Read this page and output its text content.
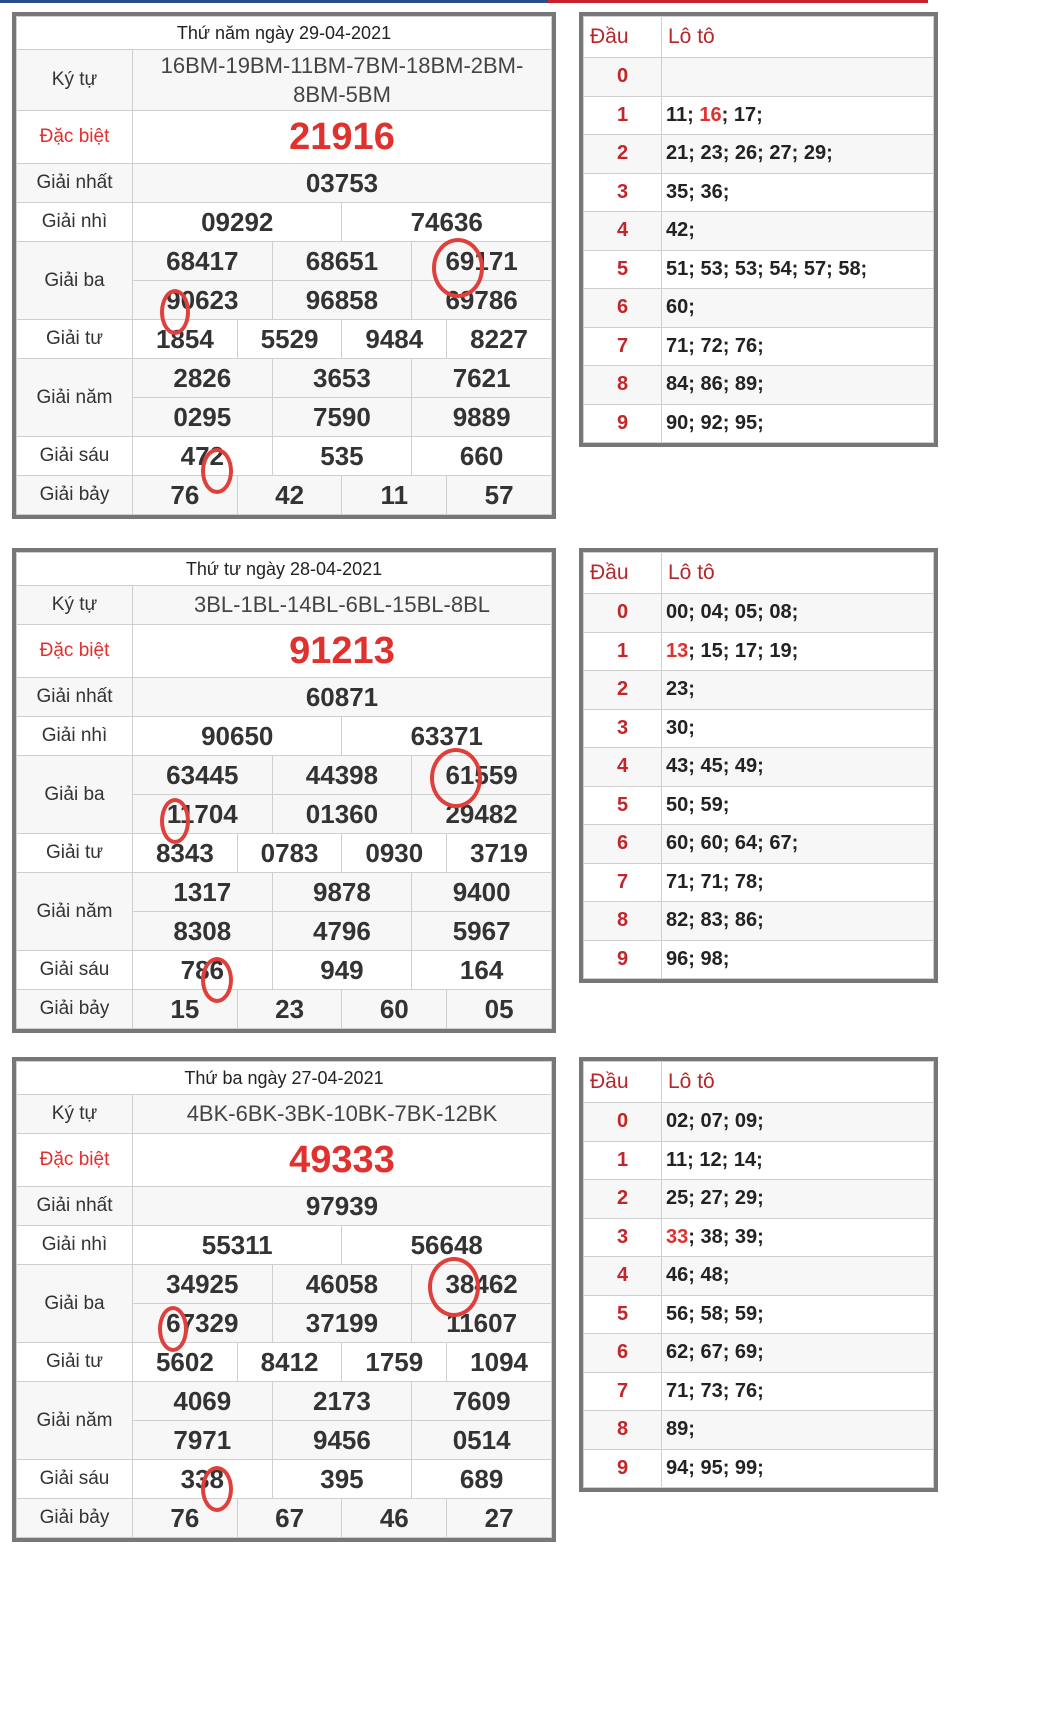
Thứ năm ngày 29-04-2021						
Ký tự	16BM-19BM-11BM-7BM-18BM-2BM-8BM-5BM					
Đặc biệt	21916					
Giải nhất	03753					
Giải nhì	09292			74636		
Giải ba	68417		68651		69171	
	90623		96858		69786	
Giải tư	1854	5529		9484		8227
Giải năm	2826		3653		7621	
	0295		7590		9889	
Giải sáu	472		535		660	
Giải bảy	76	42		11		57
Đầu	Lô tô
0	
1	11; 16; 17;
2	21; 23; 26; 27; 29;
3	35; 36;
4	42;
5	51; 53; 53; 54; 57; 58;
6	60;
7	71; 72; 76;
8	84; 86; 89;
9	90; 92; 95;
Thứ tư ngày 28-04-2021						
Ký tự	3BL-1BL-14BL-6BL-15BL-8BL					
Đặc biệt	91213					
Giải nhất	60871					
Giải nhì	90650			63371		
Giải ba	63445		44398		61559	
	11704		01360		29482	
Giải tư	8343	0783		0930		3719
Giải năm	1317		9878		9400	
	8308		4796		5967	
Giải sáu	786		949		164	
Giải bảy	15	23		60		05
Đầu	Lô tô
0	00; 04; 05; 08;
1	13; 15; 17; 19;
2	23;
3	30;
4	43; 45; 49;
5	50; 59;
6	60; 60; 64; 67;
7	71; 71; 78;
8	82; 83; 86;
9	96; 98;
Thứ ba ngày 27-04-2021						
Ký tự	4BK-6BK-3BK-10BK-7BK-12BK					
Đặc biệt	49333					
Giải nhất	97939					
Giải nhì	55311			56648		
Giải ba	34925		46058		38462	
	67329		37199		11607	
Giải tư	5602	8412		1759		1094
Giải năm	4069		2173		7609	
	7971		9456		0514	
Giải sáu	338		395		689	
Giải bảy	76	67		46		27
Đầu	Lô tô
0	02; 07; 09;
1	11; 12; 14;
2	25; 27; 29;
3	33; 38; 39;
4	46; 48;
5	56; 58; 59;
6	62; 67; 69;
7	71; 73; 76;
8	89;
9	94; 95; 99;
